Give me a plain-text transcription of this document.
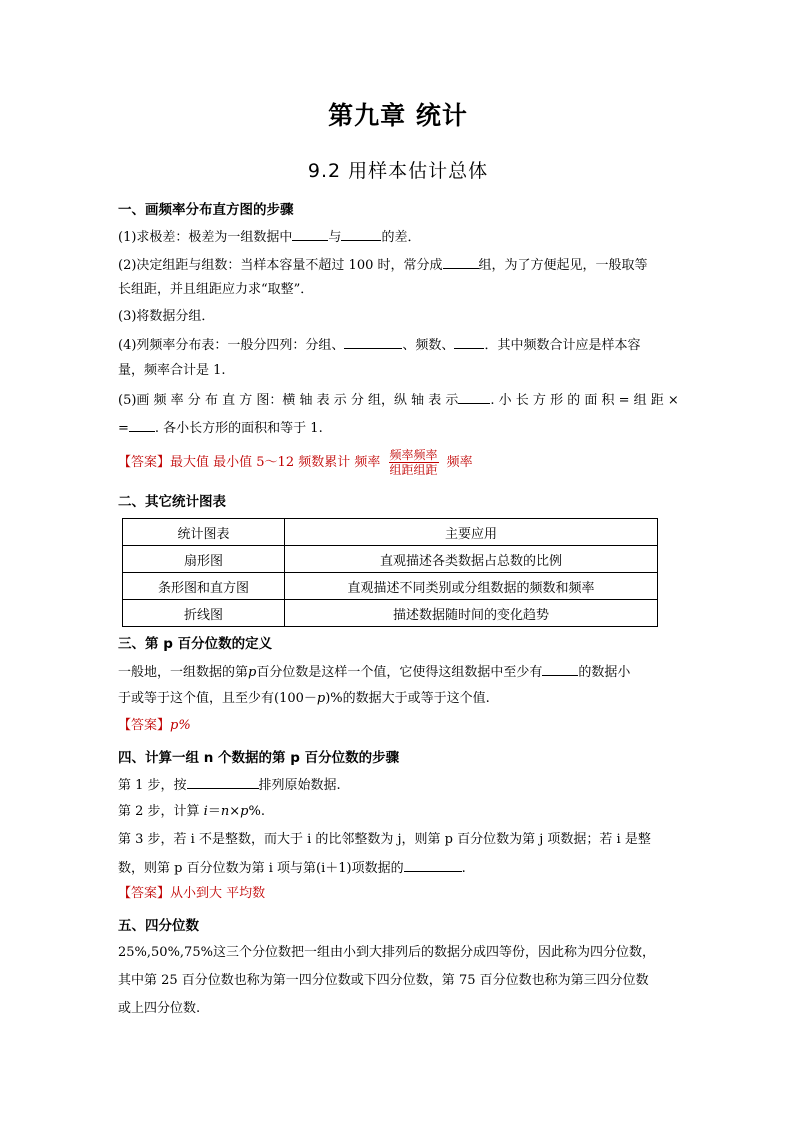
第九章 统计
9.2 用样本估计总体
一、画频率分布直方图的步骤
(1)求极差：极差为一组数据中	与	的差．
(2)决定组距与组数：当样本容量不超过 100 时，常分成	组，为了方便起见，一般取等
长组距，并且组距应力求“取整”．
(3)将数据分组．
(4)列频率分布表：一般分四列：分组、	、频数、 ．其中频数合计应是样本容
量，频率合计是 1.
(5)画 频 率 分 布 直 方 图：横 轴 表 示 分 组，纵 轴 表 示 . 小 长 方 形 的 面 积 = 组 距 ×
= . 各小长方形的面积和等于 1.
【答案】最大值 最小值 5～12 频数累计 频率 $\frac{\text{频率频率}}{\text{组距组距}}$ 频率
二、其它统计图表
统计图表	主要应用
扇形图	直观描述各类数据占总数的比例
条形图和直方图	直观描述不同类别或分组数据的频数和频率
折线图	描述数据随时间的变化趋势
三、第 p 百分位数的定义
一般地，一组数据的第p百分位数是这样一个值，它使得这组数据中至少有	的数据小
于或等于这个值，且至少有(100－p)%的数据大于或等于这个值.
【答案】p%
四、计算一组 n 个数据的第 p 百分位数的步骤
第 1 步，按	排列原始数据.
第 2 步，计算 i＝n×p%.
第 3 步，若 i 不是整数，而大于 i 的比邻整数为 j，则第 p 百分位数为第 j 项数据；若 i 是整
数，则第 p 百分位数为第 i 项与第(i＋1)项数据的	.
【答案】从小到大 平均数
五、四分位数
25%,50%,75%这三个分位数把一组由小到大排列后的数据分成四等份，因此称为四分位数，
其中第 25 百分位数也称为第一四分位数或下四分位数，第 75 百分位数也称为第三四分位数
或上四分位数.
